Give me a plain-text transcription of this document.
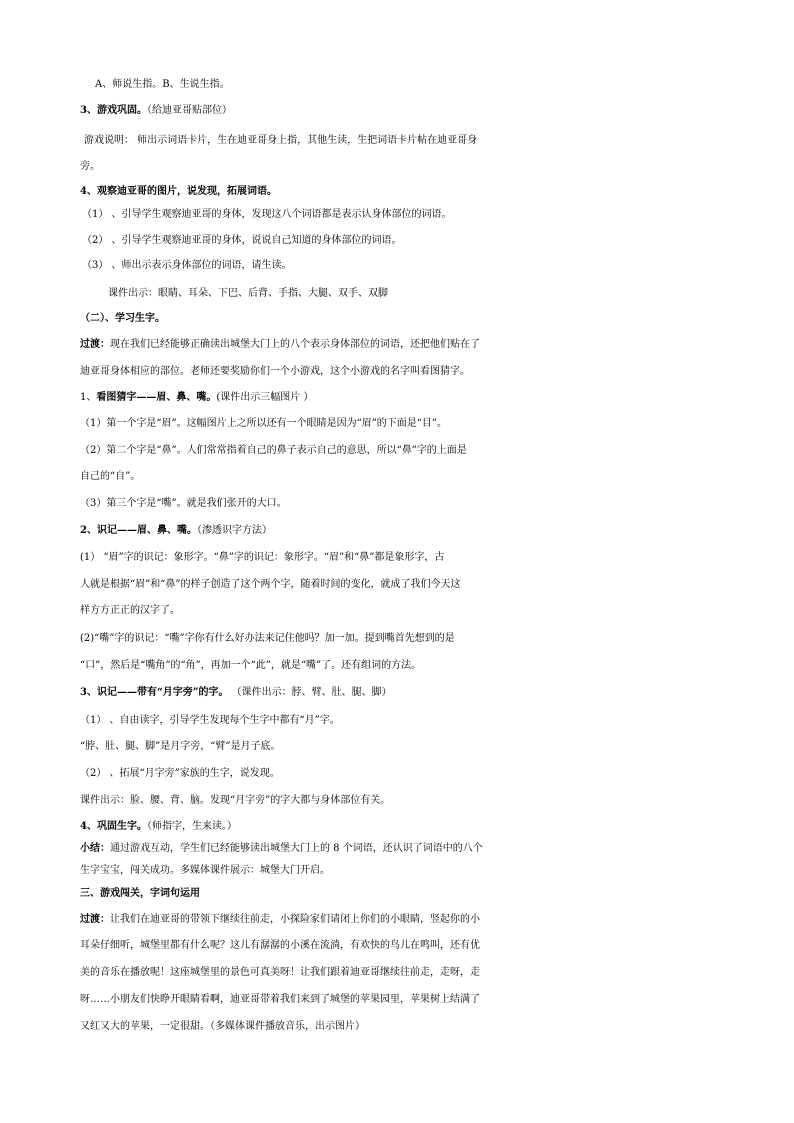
A、师说生指。B、生说生指。
3、游戏巩固。（给迪亚哥贴部位）
游戏说明： 师出示词语卡片，生在迪亚哥身上指，其他生读，生把词语卡片帖在迪亚哥身
旁。
4、观察迪亚哥的图片，说发现，拓展词语。
（1） 、引导学生观察迪亚哥的身体，发现这八个词语都是表示认身体部位的词语。
（2） 、引导学生观察迪亚哥的身体，说说自己知道的身体部位的词语。
（3） 、师出示表示身体部位的词语，请生读。
课件出示：眼睛、耳朵、下巴、后背、手指、大腿、双手、双脚
（二）、学习生字。
过渡：现在我们已经能够正确读出城堡大门上的八个表示身体部位的词语，还把他们贴在了
迪亚哥身体相应的部位。老师还要奖励你们一个小游戏，这个小游戏的名字叫看图猜字。
1、看图猜字——眉、鼻、嘴。(课件出示三幅图片 ）
（1）第一个字是“眉”。这幅图片上之所以还有一个眼睛是因为“眉”的下面是“目”。
（2）第二个字是“鼻”。人们常常指着自己的鼻子表示自己的意思，所以“鼻”字的上面是
自己的“自”。
（3）第三个字是“嘴”。就是我们张开的大口。
2、识记——眉、鼻、嘴。（渗透识字方法）
(1） “眉”字的识记：象形字。“鼻”字的识记：象形字。“眉”和“鼻”都是象形字，古
人就是根据“眉”和“鼻”的样子创造了这个两个字，随着时间的变化，就成了我们今天这
样方方正正的汉字了。
(2)“嘴”字的识记：“嘴”字你有什么好办法来记住他吗？加一加。提到嘴首先想到的是
“口”，然后是“嘴角”的“角”，再加一个“此”，就是“嘴”了。还有组词的方法。
3、识记——带有“月字旁”的字。 （课件出示：脖、臂、肚、腿、脚）
（1） 、自由读字，引导学生发现每个生字中都有“月”字。
“脖、肚、腿、脚”是月字旁，“臂”是月子底。
（2） 、拓展“月字旁”家族的生字，说发现。
课件出示：脸、腰、背、脑。发现“月字旁”的字大都与身体部位有关。
4、巩固生字。（师指字，生来读。）
小结：通过游戏互动，学生们已经能够读出城堡大门上的 8 个词语，还认识了词语中的八个
生字宝宝，闯关成功。多媒体课件展示：城堡大门开启。
三、游戏闯关，字词句运用
过渡：让我们在迪亚哥的带领下继续往前走，小探险家们请闭上你们的小眼睛，竖起你的小
耳朵仔细听，城堡里都有什么呢？这儿有潺潺的小溪在流淌，有欢快的鸟儿在鸣叫，还有优
美的音乐在播放呢！这座城堡里的景色可真美呀！让我们跟着迪亚哥继续往前走，走呀，走
呀……小朋友们快睁开眼睛看啊，迪亚哥带着我们来到了城堡的苹果园里，苹果树上结满了
又红又大的苹果，一定很甜。（多媒体课件播放音乐，出示图片）
